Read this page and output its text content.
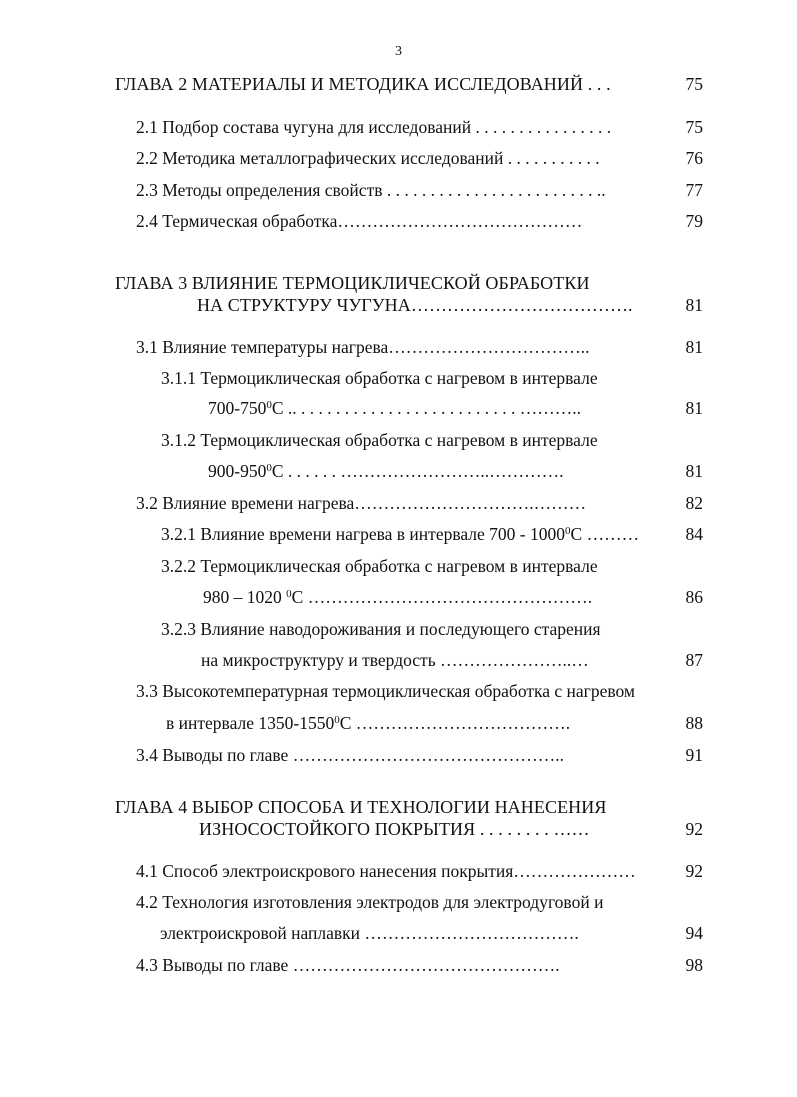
3
ГЛАВА 2 МАТЕРИАЛЫ И МЕТОДИКА ИССЛЕДОВАНИЙ . . .	75
2.1 Подбор состава чугуна для исследований . . . . . . . . . . . . . . . .	75
2.2 Методика металлографических исследований . . . . . . . . . . .	76
2.3 Методы определения свойств . . . . . . . . . . . . . . . . . . . . . . . . ..	77
2.4 Термическая обработка……………………………………	79
ГЛАВА 3 ВЛИЯНИЕ ТЕРМОЦИКЛИЧЕСКОЙ ОБРАБОТКИ
НА СТРУКТУРУ ЧУГУНА……………………………….	81
3.1 Влияние температуры нагрева……………………………..	81
3.1.1 Термоциклическая обработка с нагревом в интервале
$700-750^0С$ .. . . . . . . . . . . . . . . . . . . . . . . . . . ………..	81
3.1.2 Термоциклическая обработка с нагревом в интервале
$900-950^0С$ . . . . . . ……………………..………….	81
3.2 Влияние времени нагрева………………………….………	82
3.2.1 Влияние времени нагрева в интервале 700 - 1000$^0$С ………	84
3.2.2 Термоциклическая обработка с нагревом в интервале
980 – 1020 $^0$С ………………………………………….	86
3.2.3 Влияние наводороживания и последующего старения
на микроструктуру и твердость …………………..…	87
3.3 Высокотемпературная термоциклическая обработка с нагревом
в интервале 1350-1550$^0$С ……………………………….	88
3.4 Выводы по главе ………………………………………..	91
ГЛАВА 4 ВЫБОР СПОСОБА И ТЕХНОЛОГИИ НАНЕСЕНИЯ
ИЗНОСОСТОЙКОГО ПОКРЫТИЯ . . . . . . . . ……	92
4.1 Способ электроискрового нанесения покрытия…………………	92
4.2 Технология изготовления электродов для электродуговой и
электроискровой наплавки ……………………………….	94
4.3 Выводы по главе ……………………………………….	98
